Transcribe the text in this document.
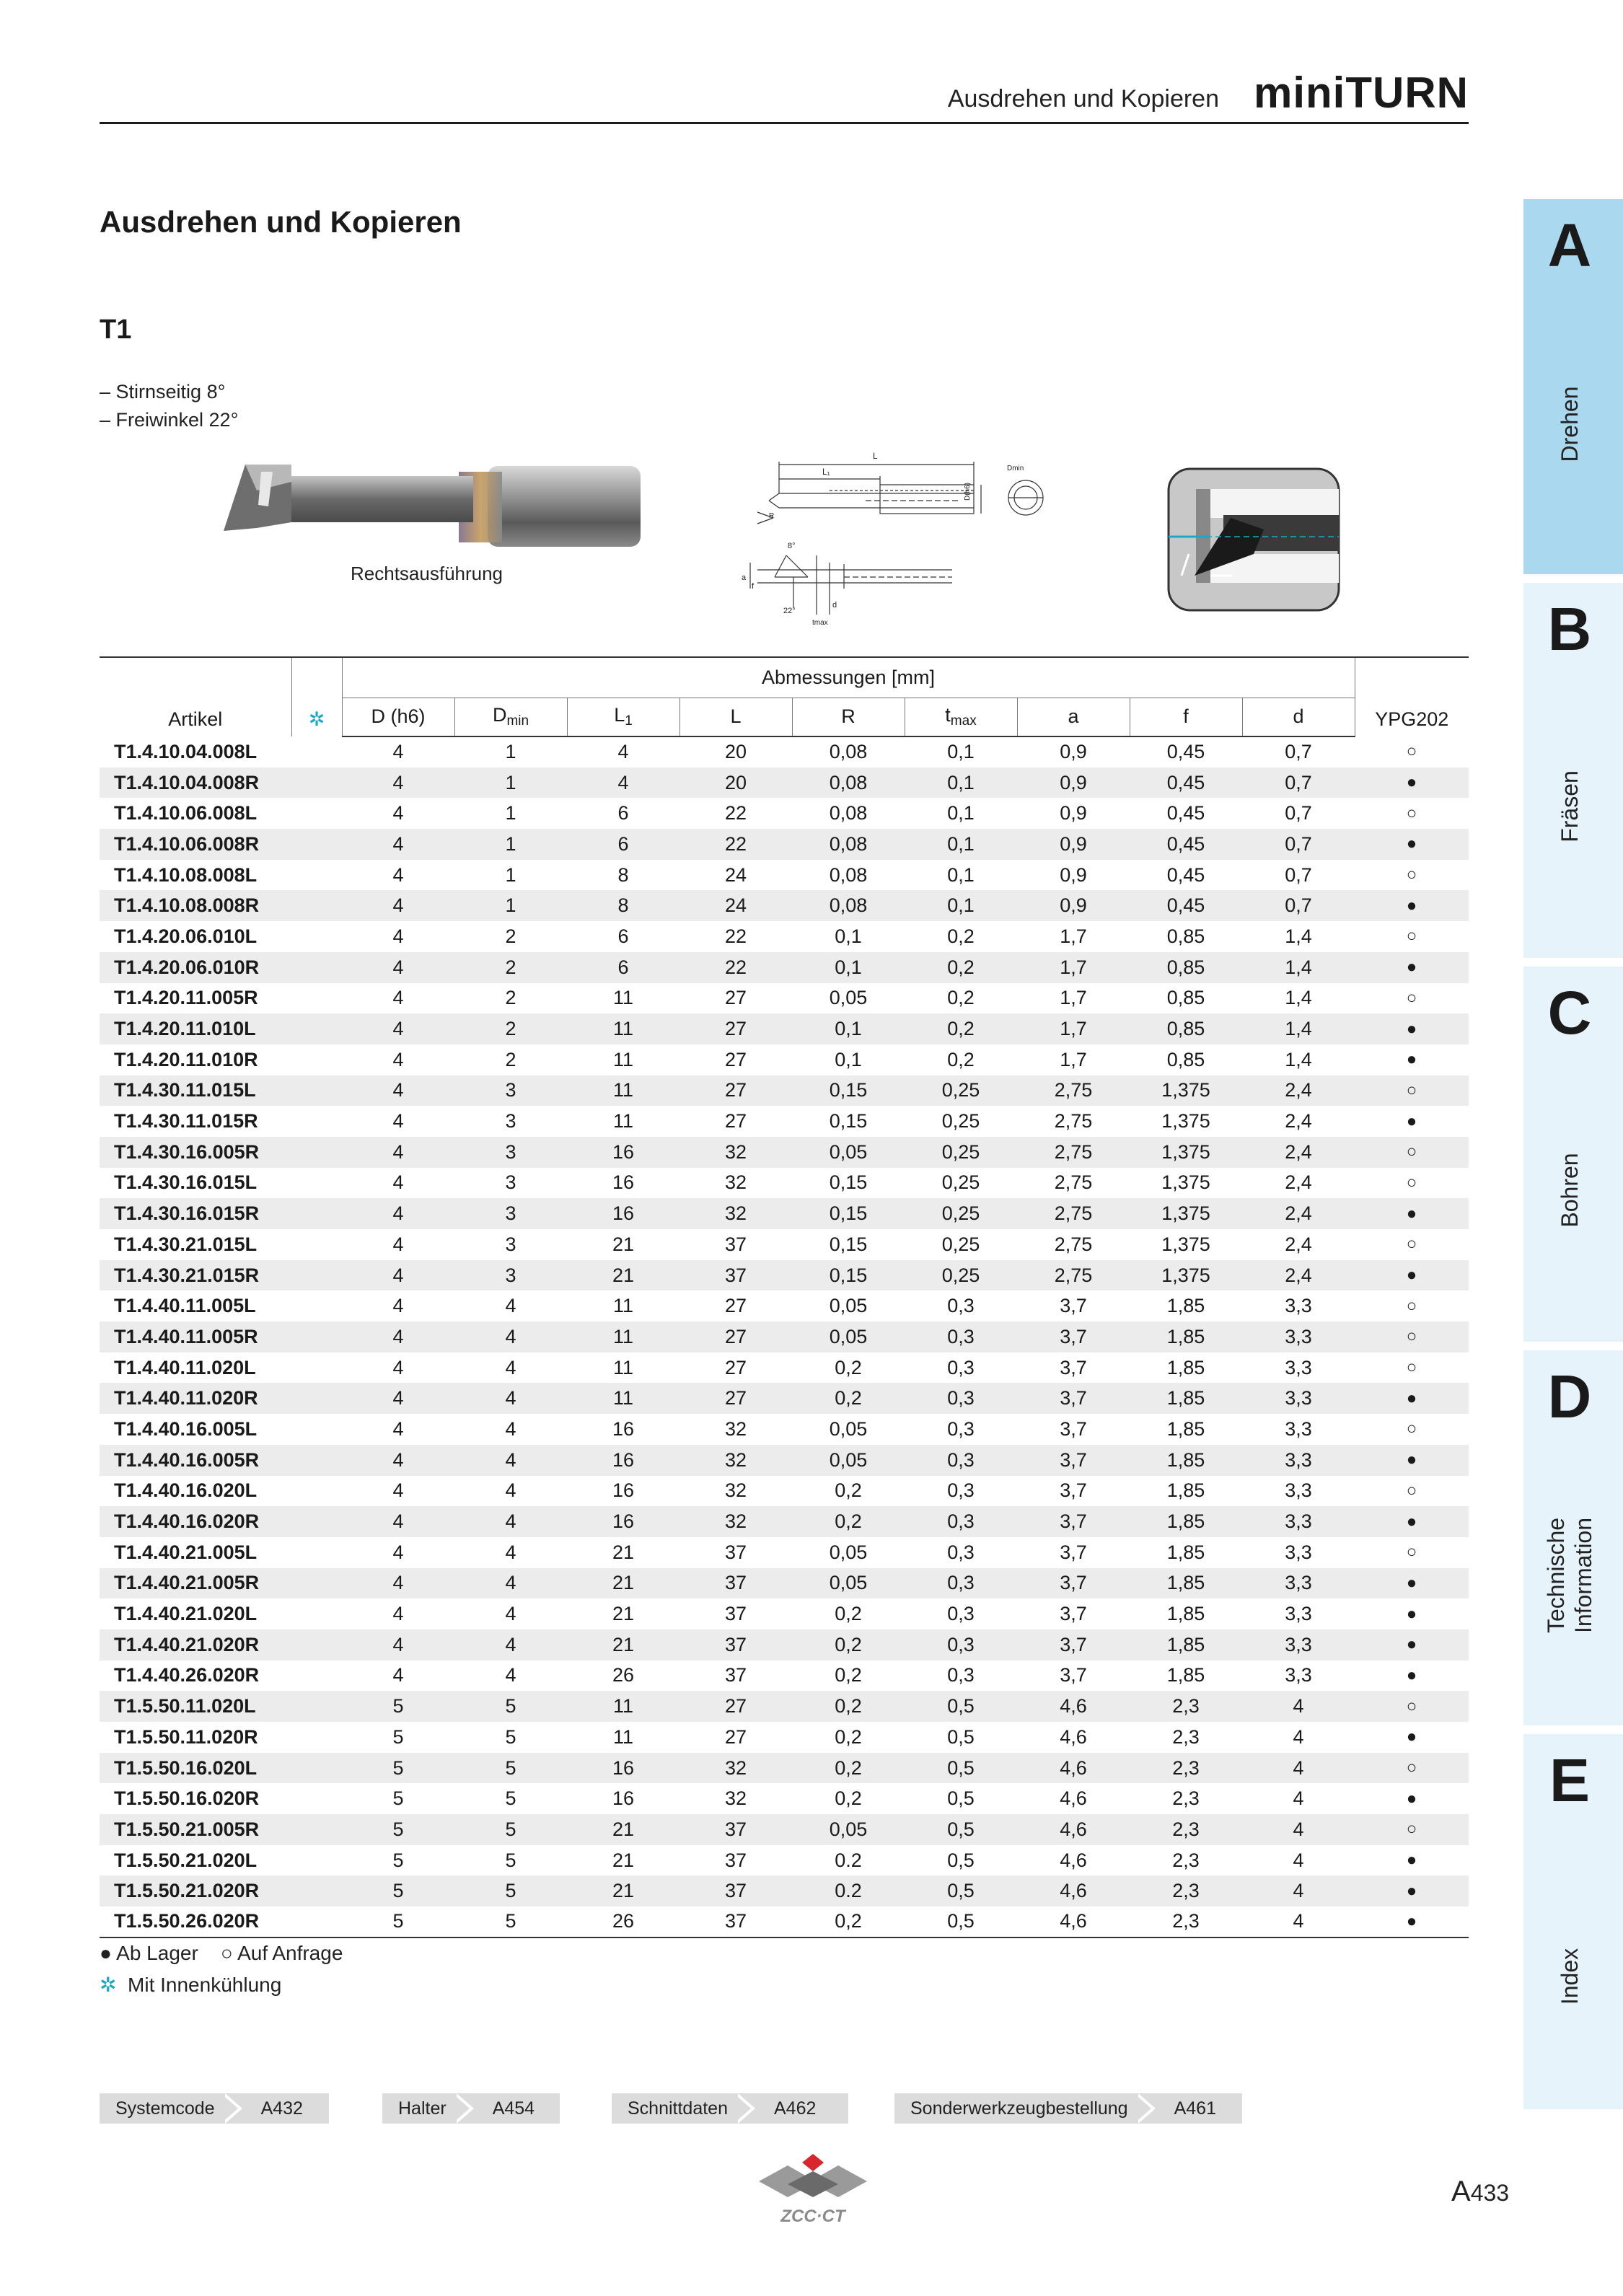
Ausdrehen und Kopieren miniTURN
Ausdrehen und Kopieren
T1
– Stirnseitig 8°
– Freiwinkel 22°
Rechtsausführung
L
L₁
D(h6)
Dmin
R
8°
22°
a
f
d
tmax
Artikel	✲	Abmessungen [mm]									YPG202
		D (h6)	$D_{min}$	$L_1$	L	R	$t_{max}$	a	f	d	
T1.4.10.04.008L		4	1	4	20	0,08	0,1	0,9	0,45	0,7	○
T1.4.10.04.008R		4	1	4	20	0,08	0,1	0,9	0,45	0,7	●
T1.4.10.06.008L		4	1	6	22	0,08	0,1	0,9	0,45	0,7	○
T1.4.10.06.008R		4	1	6	22	0,08	0,1	0,9	0,45	0,7	●
T1.4.10.08.008L		4	1	8	24	0,08	0,1	0,9	0,45	0,7	○
T1.4.10.08.008R		4	1	8	24	0,08	0,1	0,9	0,45	0,7	●
T1.4.20.06.010L		4	2	6	22	0,1	0,2	1,7	0,85	1,4	○
T1.4.20.06.010R		4	2	6	22	0,1	0,2	1,7	0,85	1,4	●
T1.4.20.11.005R		4	2	11	27	0,05	0,2	1,7	0,85	1,4	○
T1.4.20.11.010L		4	2	11	27	0,1	0,2	1,7	0,85	1,4	●
T1.4.20.11.010R		4	2	11	27	0,1	0,2	1,7	0,85	1,4	●
T1.4.30.11.015L		4	3	11	27	0,15	0,25	2,75	1,375	2,4	○
T1.4.30.11.015R		4	3	11	27	0,15	0,25	2,75	1,375	2,4	●
T1.4.30.16.005R		4	3	16	32	0,05	0,25	2,75	1,375	2,4	○
T1.4.30.16.015L		4	3	16	32	0,15	0,25	2,75	1,375	2,4	○
T1.4.30.16.015R		4	3	16	32	0,15	0,25	2,75	1,375	2,4	●
T1.4.30.21.015L		4	3	21	37	0,15	0,25	2,75	1,375	2,4	○
T1.4.30.21.015R		4	3	21	37	0,15	0,25	2,75	1,375	2,4	●
T1.4.40.11.005L		4	4	11	27	0,05	0,3	3,7	1,85	3,3	○
T1.4.40.11.005R		4	4	11	27	0,05	0,3	3,7	1,85	3,3	○
T1.4.40.11.020L		4	4	11	27	0,2	0,3	3,7	1,85	3,3	○
T1.4.40.11.020R		4	4	11	27	0,2	0,3	3,7	1,85	3,3	●
T1.4.40.16.005L		4	4	16	32	0,05	0,3	3,7	1,85	3,3	○
T1.4.40.16.005R		4	4	16	32	0,05	0,3	3,7	1,85	3,3	●
T1.4.40.16.020L		4	4	16	32	0,2	0,3	3,7	1,85	3,3	○
T1.4.40.16.020R		4	4	16	32	0,2	0,3	3,7	1,85	3,3	●
T1.4.40.21.005L		4	4	21	37	0,05	0,3	3,7	1,85	3,3	○
T1.4.40.21.005R		4	4	21	37	0,05	0,3	3,7	1,85	3,3	●
T1.4.40.21.020L		4	4	21	37	0,2	0,3	3,7	1,85	3,3	●
T1.4.40.21.020R		4	4	21	37	0,2	0,3	3,7	1,85	3,3	●
T1.4.40.26.020R		4	4	26	37	0,2	0,3	3,7	1,85	3,3	●
T1.5.50.11.020L		5	5	11	27	0,2	0,5	4,6	2,3	4	○
T1.5.50.11.020R		5	5	11	27	0,2	0,5	4,6	2,3	4	●
T1.5.50.16.020L		5	5	16	32	0,2	0,5	4,6	2,3	4	○
T1.5.50.16.020R		5	5	16	32	0,2	0,5	4,6	2,3	4	●
T1.5.50.21.005R		5	5	21	37	0,05	0,5	4,6	2,3	4	○
T1.5.50.21.020L		5	5	21	37	0.2	0,5	4,6	2,3	4	●
T1.5.50.21.020R		5	5	21	37	0.2	0,5	4,6	2,3	4	●
T1.5.50.26.020R		5	5	26	37	0,2	0,5	4,6	2,3	4	●
● Ab Lager ○ Auf Anfrage
✲ Mit Innenkühlung
Systemcode	A432	Halter	A454	Schnittdaten	A462	Sonderwerkzeugbestellung	A461
ZCC·CT
A433
A
Drehen
B
Fräsen
C
Bohren
D
Technische Information
E
Index
